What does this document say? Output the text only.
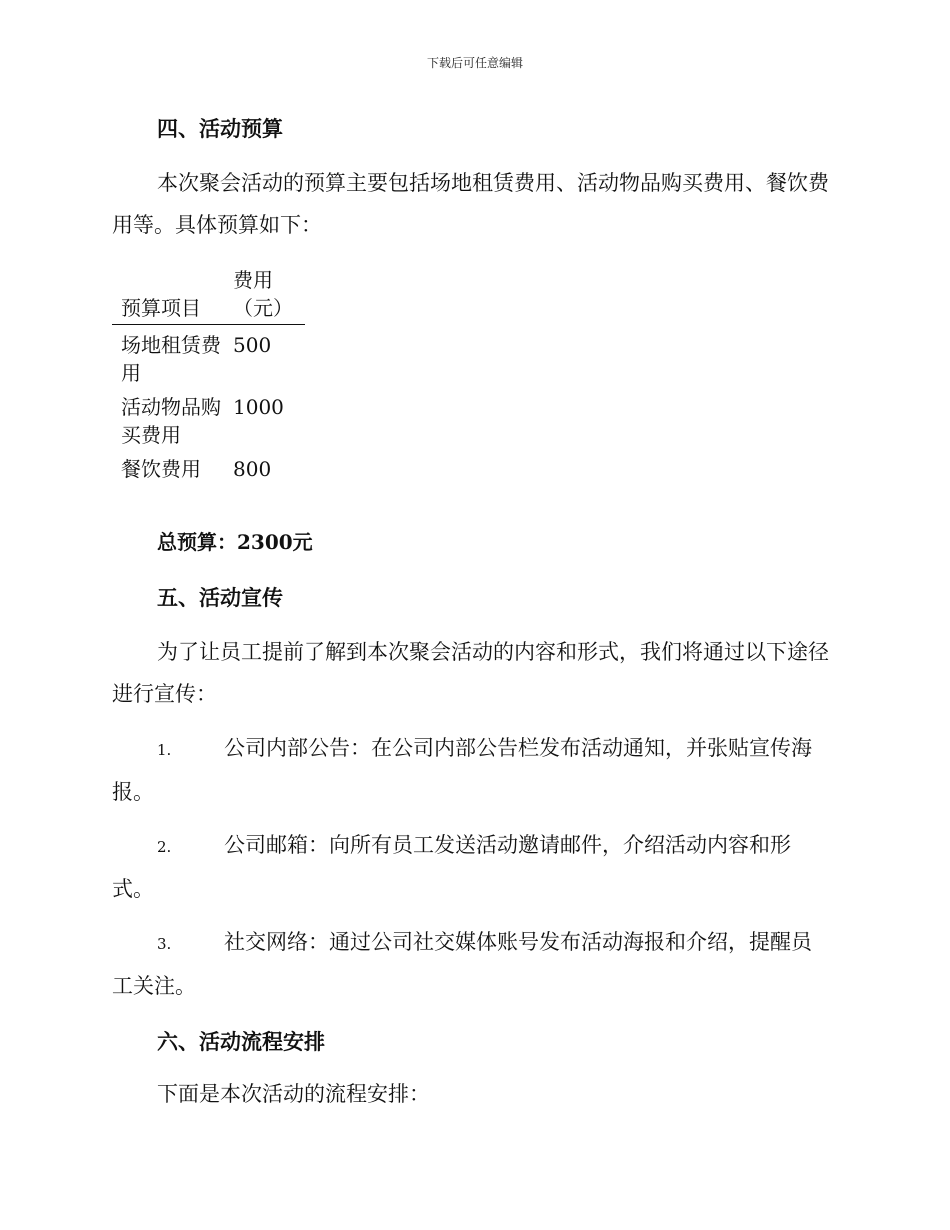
下载后可任意编辑
四、活动预算

本次聚会活动的预算主要包括场地租赁费用、活动物品购买费用、餐饮费用等。具体预算如下：

预算项目	费用（元）
场地租赁费用	500
活动物品购买费用	1000
餐饮费用	800

总预算：2300元

五、活动宣传

为了让员工提前了解到本次聚会活动的内容和形式，我们将通过以下途径进行宣传：

1.	公司内部公告：在公司内部公告栏发布活动通知，并张贴宣传海报。

2.	公司邮箱：向所有员工发送活动邀请邮件，介绍活动内容和形式。

3.	社交网络：通过公司社交媒体账号发布活动海报和介绍，提醒员工关注。

六、活动流程安排

下面是本次活动的流程安排：
